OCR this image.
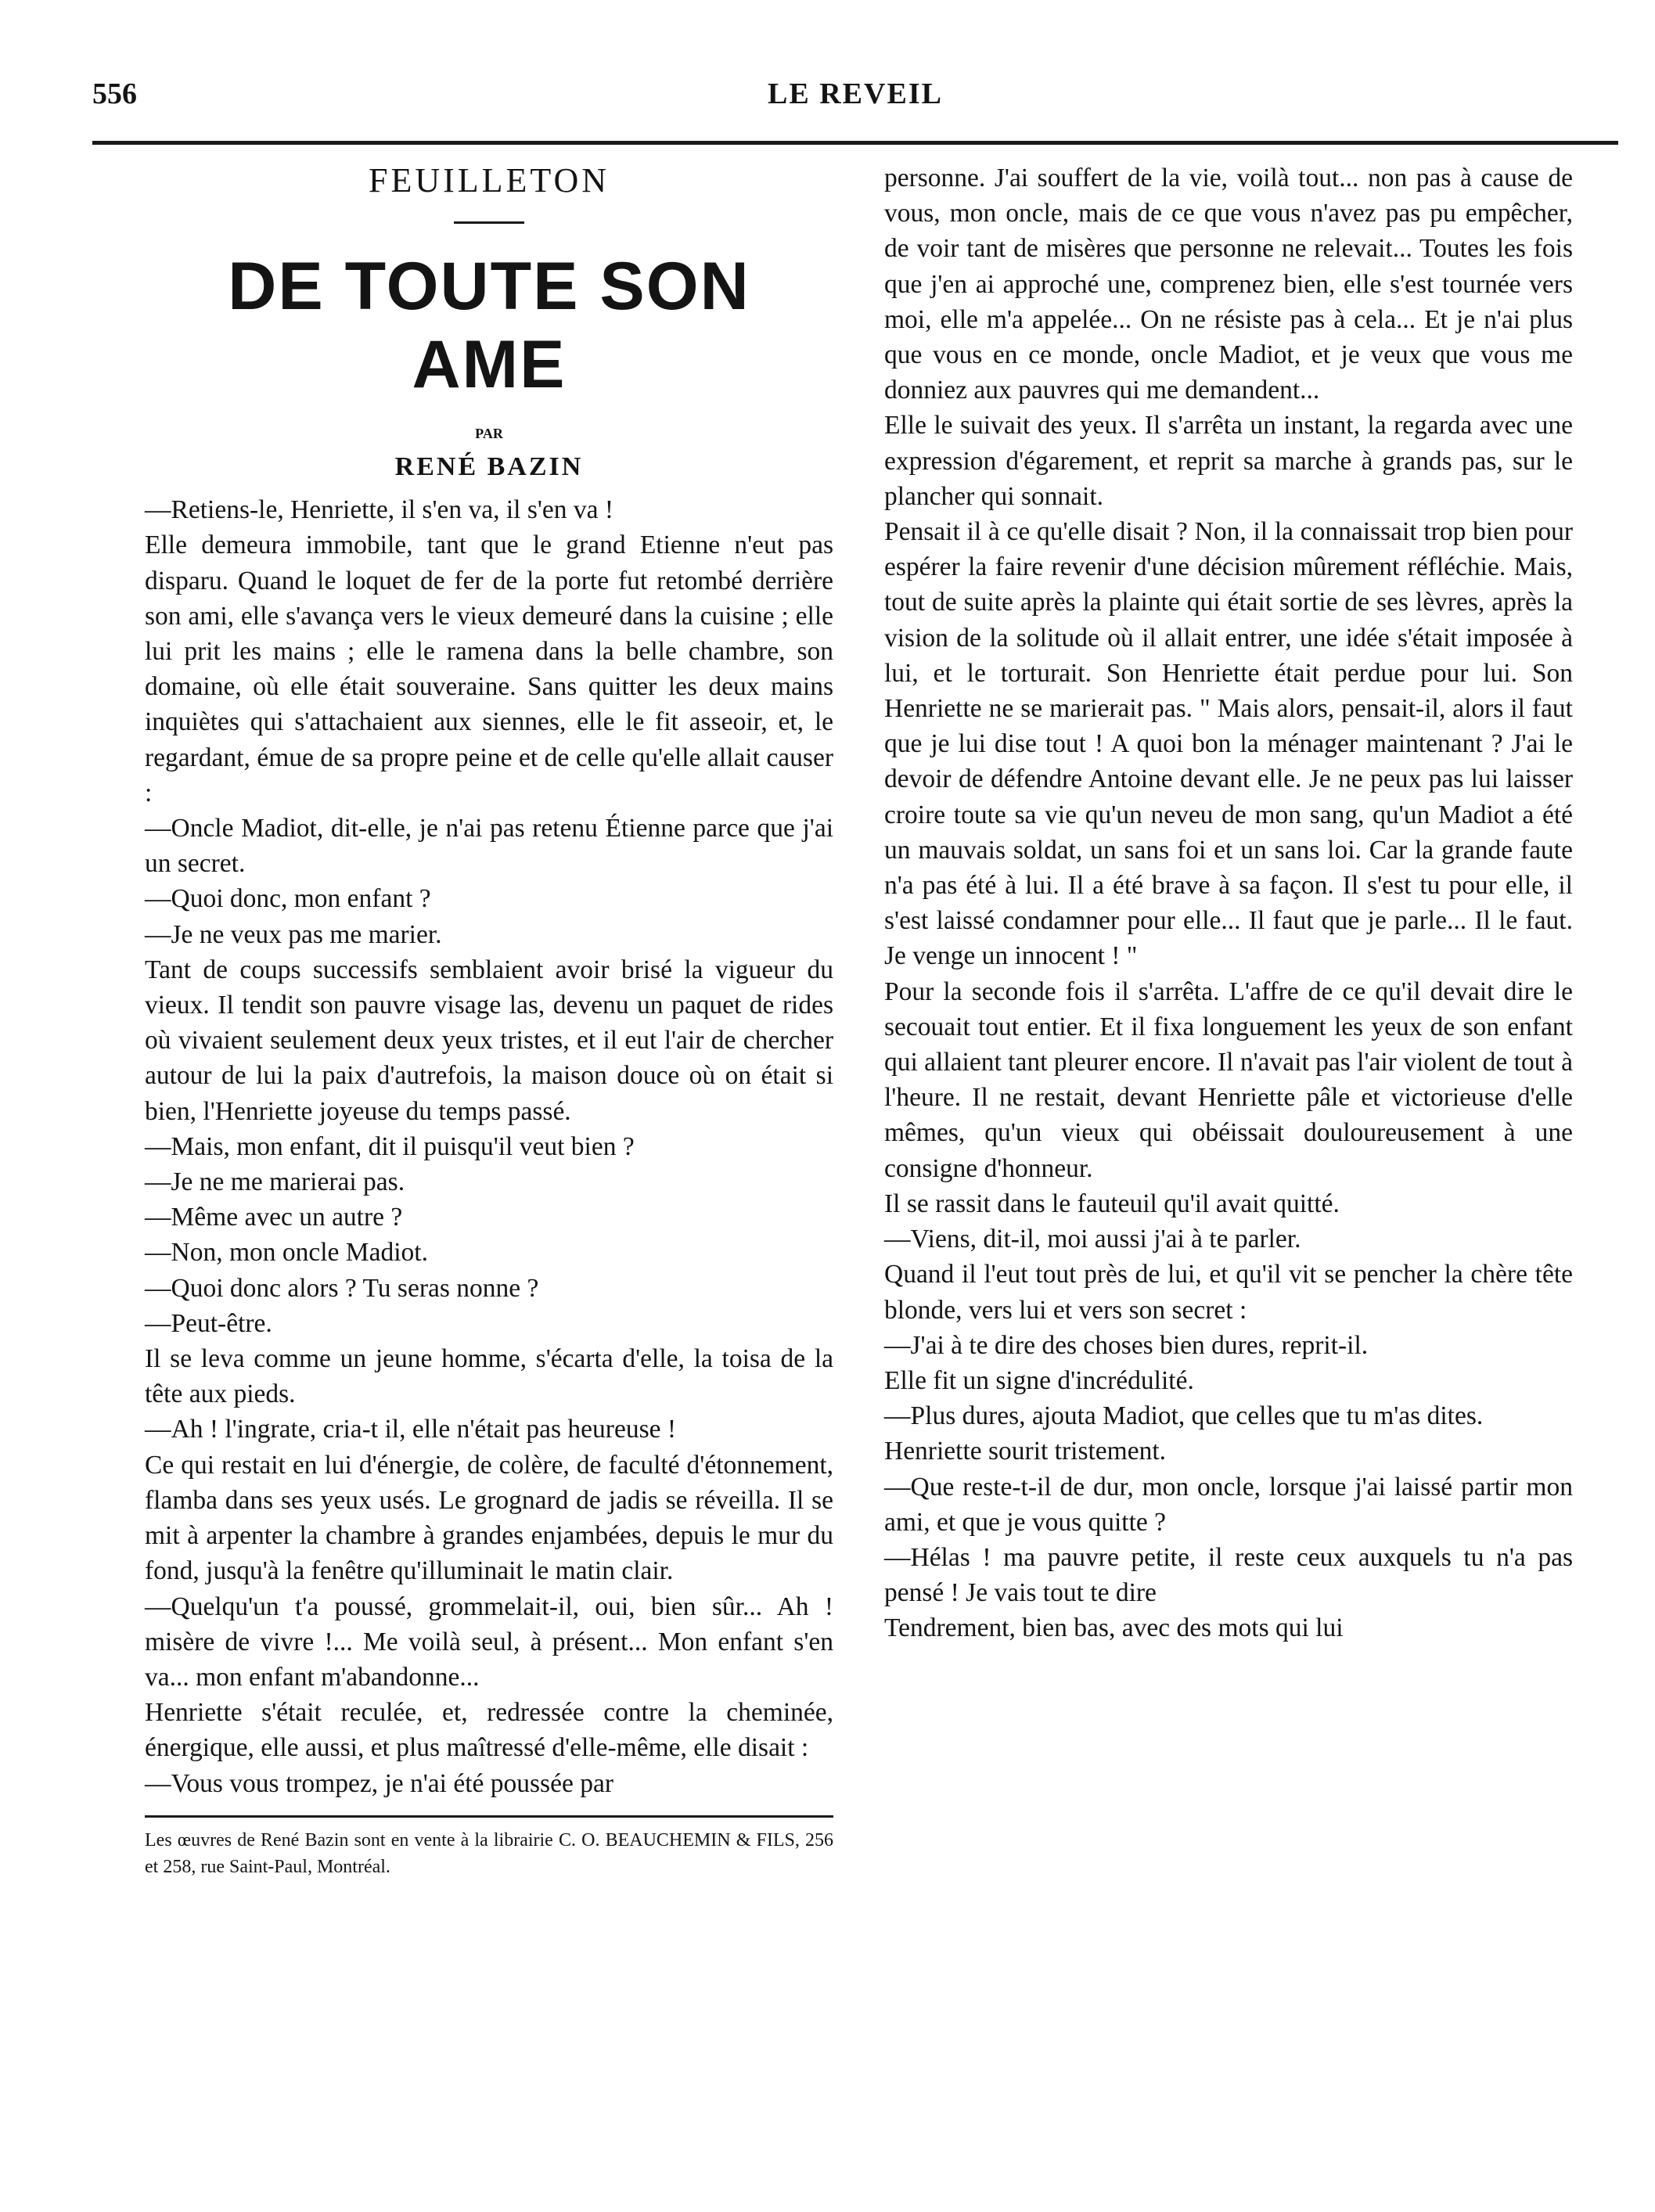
556	LE REVEIL
FEUILLETON
DE TOUTE SON AME
PAR
RENÉ BAZIN

—Retiens-le, Henriette, il s'en va, il s'en va !

Elle demeura immobile, tant que le grand Etienne n'eut pas disparu. Quand le loquet de fer de la porte fut retombé derrière son ami, elle s'avança vers le vieux demeuré dans la cuisine ; elle lui prit les mains ; elle le ramena dans la belle chambre, son domaine, où elle était souveraine. Sans quitter les deux mains inquiètes qui s'attachaient aux siennes, elle le fit asseoir, et, le regardant, émue de sa propre peine et de celle qu'elle allait causer :

—Oncle Madiot, dit-elle, je n'ai pas retenu Étienne parce que j'ai un secret.

—Quoi donc, mon enfant ?

—Je ne veux pas me marier.

Tant de coups successifs semblaient avoir brisé la vigueur du vieux. Il tendit son pauvre visage las, devenu un paquet de rides où vivaient seulement deux yeux tristes, et il eut l'air de chercher autour de lui la paix d'autrefois, la maison douce où on était si bien, l'Henriette joyeuse du temps passé.

—Mais, mon enfant, dit il puisqu'il veut bien ?

—Je ne me marierai pas.

—Même avec un autre ?

—Non, mon oncle Madiot.

—Quoi donc alors ? Tu seras nonne ?

—Peut-être.

Il se leva comme un jeune homme, s'écarta d'elle, la toisa de la tête aux pieds.

—Ah ! l'ingrate, cria-t il, elle n'était pas heureuse !

Ce qui restait en lui d'énergie, de colère, de faculté d'étonnement, flamba dans ses yeux usés. Le grognard de jadis se réveilla. Il se mit à arpenter la chambre à grandes enjambées, depuis le mur du fond, jusqu'à la fenêtre qu'illuminait le matin clair.

—Quelqu'un t'a poussé, grommelait-il, oui, bien sûr... Ah ! misère de vivre !... Me voilà seul, à présent... Mon enfant s'en va... mon enfant m'abandonne...

Henriette s'était reculée, et, redressée contre la cheminée, énergique, elle aussi, et plus maîtressé d'elle-même, elle disait :

—Vous vous trompez, je n'ai été poussée par

Les œuvres de René Bazin sont en vente à la librairie C. O. BEAUCHEMIN & FILS, 256 et 258, rue Saint-Paul, Montréal.

personne. J'ai souffert de la vie, voilà tout... non pas à cause de vous, mon oncle, mais de ce que vous n'avez pas pu empêcher, de voir tant de misères que personne ne relevait... Toutes les fois que j'en ai approché une, comprenez bien, elle s'est tournée vers moi, elle m'a appelée... On ne résiste pas à cela... Et je n'ai plus que vous en ce monde, oncle Madiot, et je veux que vous me donniez aux pauvres qui me demandent...

Elle le suivait des yeux. Il s'arrêta un instant, la regarda avec une expression d'égarement, et reprit sa marche à grands pas, sur le plancher qui sonnait.

Pensait il à ce qu'elle disait ? Non, il la connaissait trop bien pour espérer la faire revenir d'une décision mûrement réfléchie. Mais, tout de suite après la plainte qui était sortie de ses lèvres, après la vision de la solitude où il allait entrer, une idée s'était imposée à lui, et le torturait. Son Henriette était perdue pour lui. Son Henriette ne se marierait pas. " Mais alors, pensait-il, alors il faut que je lui dise tout ! A quoi bon la ménager maintenant ? J'ai le devoir de défendre Antoine devant elle. Je ne peux pas lui laisser croire toute sa vie qu'un neveu de mon sang, qu'un Madiot a été un mauvais soldat, un sans foi et un sans loi. Car la grande faute n'a pas été à lui. Il a été brave à sa façon. Il s'est tu pour elle, il s'est laissé condamner pour elle... Il faut que je parle... Il le faut. Je venge un innocent ! "

Pour la seconde fois il s'arrêta. L'affre de ce qu'il devait dire le secouait tout entier. Et il fixa longuement les yeux de son enfant qui allaient tant pleurer encore. Il n'avait pas l'air violent de tout à l'heure. Il ne restait, devant Henriette pâle et victorieuse d'elle mêmes, qu'un vieux qui obéissait douloureusement à une consigne d'honneur.

Il se rassit dans le fauteuil qu'il avait quitté.

—Viens, dit-il, moi aussi j'ai à te parler.

Quand il l'eut tout près de lui, et qu'il vit se pencher la chère tête blonde, vers lui et vers son secret :

—J'ai à te dire des choses bien dures, reprit-il.

Elle fit un signe d'incrédulité.

—Plus dures, ajouta Madiot, que celles que tu m'as dites.

Henriette sourit tristement.

—Que reste-t-il de dur, mon oncle, lorsque j'ai laissé partir mon ami, et que je vous quitte ?

—Hélas ! ma pauvre petite, il reste ceux auxquels tu n'a pas pensé ! Je vais tout te dire

Tendrement, bien bas, avec des mots qui lui
